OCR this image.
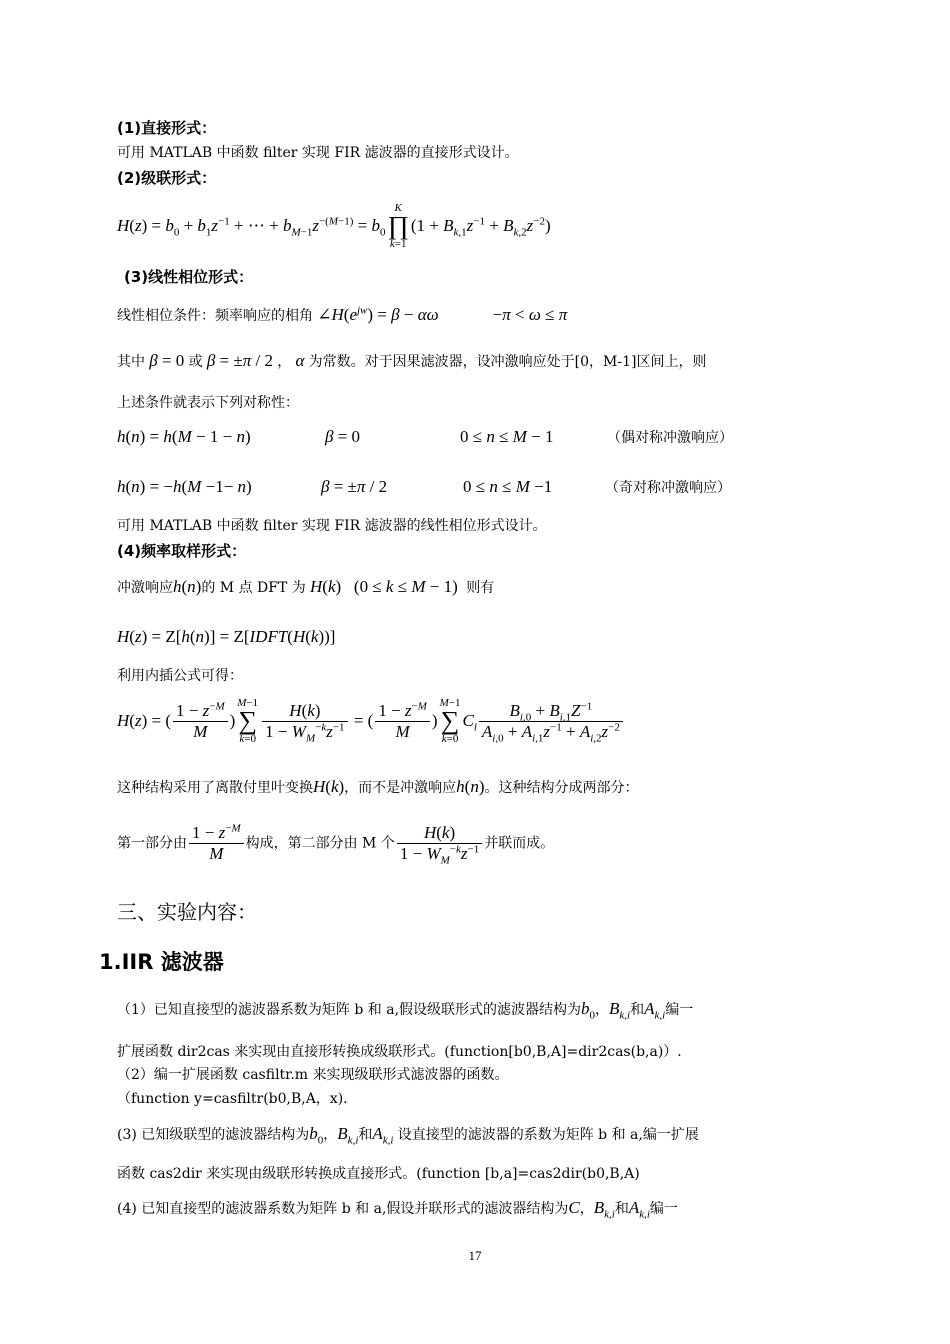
(1)直接形式：
可用 MATLAB 中函数 filter 实现 FIR 滤波器的直接形式设计。
(2)级联形式：
$H(z) = b_0 + b_1z^{-1}$ + ⋯ + $b_{M-1}z^{-(M-1)} = b_0K$
∏
$k=1(1 + B_{k,1}z^{-1} + B_{k,2}z^{-2})$
(3)线性相位形式：
线性相位条件：频率响应的相角 $\angle H(e^{jw}) = \beta - \alpha\omega$	−π < ω ≤ π
其中 β = 0 或 β = ±π / 2 ， α 为常数。对于因果滤波器，设冲激响应处于[0，M-1]区间上，则
上述条件就表示下列对称性：
h(n) = h(M − 1 − n)	β = 0	0 ≤ n ≤ M − 1	（偶对称冲激响应）
h(n) = −h(M −1− n)	β = ±π / 2	0 ≤ n ≤ M −1	（奇对称冲激响应）
可用 MATLAB 中函数 filter 实现 FIR 滤波器的线性相位形式设计。
(4)频率取样形式：
冲激响应h(n)的 M 点 DFT 为 H(k)   (0 ≤ k ≤ M − 1)  则有
H(z) = Z[h(n)] = Z[IDFT(H(k))]
利用内插公式可得：
H(z) = ( $\frac{1 - z^{-M}}{M} )M-1$
∑
$k=0 \frac{H(k)}{1 - W_M^{-k}z^{-1}}$ = ( $\frac{1 - z^{-M}}{M} )M-1$
∑
$k=0C_l \frac{B_{i,0} + B_{i,1}Z^{-1}}{A_{i,0} + A_{i,1}z^{-1} + A_{i,2}z^{-2}}$
这种结构采用了离散付里叶变换H(k)，而不是冲激响应h(n)。这种结构分成两部分：
第一部分由 $\frac{1 - z^{-M}}{M}$ 构成，第二部分由 M 个 $\frac{H(k)}{1 - W_M^{-k}z^{-1}}$ 并联而成。
三、实验内容：
1.IIR 滤波器
（1）已知直接型的滤波器系数为矩阵 b 和 a,假设级联形式的滤波器结构为$b_0$，$B_{k,i}$和$A_{k,i}$编一
扩展函数 dir2cas 来实现由直接形转换成级联形式。(function[b0,B,A]=dir2cas(b,a)）.
（2）编一扩展函数 casfiltr.m 来实现级联形式滤波器的函数。
（function y=casfiltr(b0,B,A，x).
(3) 已知级联型的滤波器结构为$b_0$，$B_{k,i}$和$A_{k,i}$ 设直接型的滤波器的系数为矩阵 b 和 a,编一扩展
函数 cas2dir 来实现由级联形转换成直接形式。(function [b,a]=cas2dir(b0,B,A)
(4) 已知直接型的滤波器系数为矩阵 b 和 a,假设并联形式的滤波器结构为C，$B_{k,i}$和$A_{k,i}$编一
17
